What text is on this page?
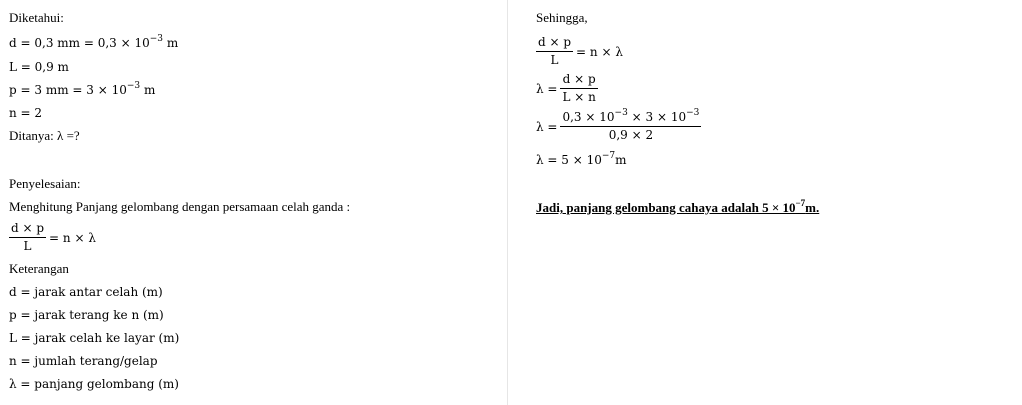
Diketahui:
d = 0,3 mm = $0,3 \times 10^{-3}$ m
L = 0,9 m
p = 3 mm = $3 \times 10^{-3}$ m
n = 2
Ditanya: λ =?
Penyelesaian:
Menghitung Panjang gelombang dengan persamaan celah ganda :
$\frac{d \times p}{L} = n \times \lambda$
Keterangan
d = jarak antar celah (m)
p = jarak terang ke n (m)
L = jarak celah ke layar (m)
n = jumlah terang/gelap
λ = panjang gelombang (m)
Sehingga,
$\frac{d \times p}{L} = n \times \lambda$
$\lambda = \frac{d \times p}{L \times n}$
$\lambda = \frac{0,3 \times 10^{-3} \times 3 \times 10^{-3}}{0,9 \times 2}$
$\lambda = 5 \times 10^{-7}m$
Jadi, panjang gelombang cahaya adalah $5 \times 10^{-7}m$.
